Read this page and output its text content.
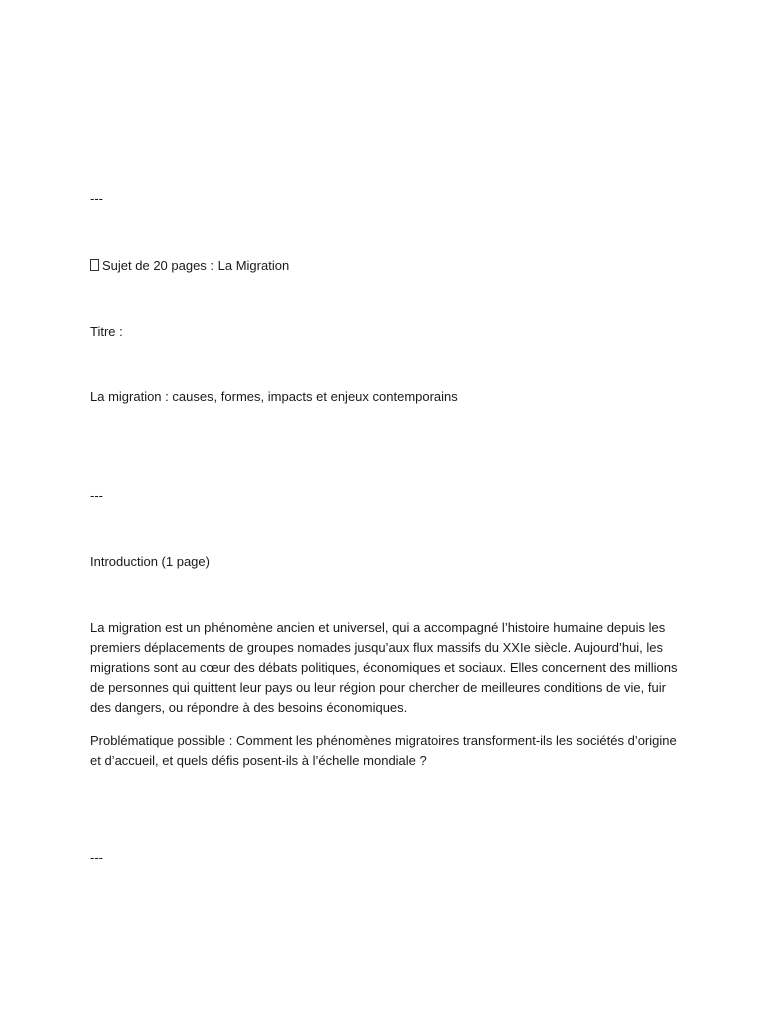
---

Sujet de 20 pages : La Migration

Titre :

La migration : causes, formes, impacts et enjeux contemporains

---

Introduction (1 page)

La migration est un phénomène ancien et universel, qui a accompagné l’histoire humaine depuis les premiers déplacements de groupes nomades jusqu’aux flux massifs du XXIe siècle. Aujourd’hui, les migrations sont au cœur des débats politiques, économiques et sociaux. Elles concernent des millions de personnes qui quittent leur pays ou leur région pour chercher de meilleures conditions de vie, fuir des dangers, ou répondre à des besoins économiques.

Problématique possible : Comment les phénomènes migratoires transforment-ils les sociétés d’origine et d’accueil, et quels défis posent-ils à l’échelle mondiale ?

---
